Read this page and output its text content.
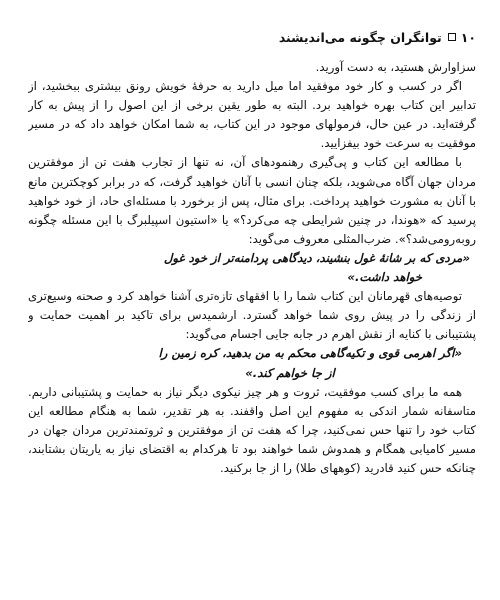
۱۰
توانگران چگونه می‌اندیشند

سزاوارش هستید، به دست آورید.

اگر در کسب و کار خود موفقید اما میل دارید به حرفهٔ خویش رونق بیشتری ببخشید، از تدابیر این کتاب بهره خواهید برد. البته به طور یقین برخی از این اصول را از پیش به کار گرفته‌اید. در عین حال، فرمولهای موجود در این کتاب، به شما امکان خواهد داد که در مسیر موفقیت به سرعت خود بیفزایید.

با مطالعه این کتاب و پی‌گیری رهنمودهای آن، نه تنها از تجارب هفت تن از موفقترین مردان جهان آگاه می‌شوید، بلکه چنان انسی با آنان خواهید گرفت، که در برابر کوچکترین مانع با آنان به مشورت خواهید پرداخت. برای مثال، پس از برخورد با مسئله‌ای حاد، از خود خواهید پرسید که «هوندا، در چنین شرایطی چه می‌کرد؟» یا «استیون اسپیلبرگ با این مسئله چگونه روبه‌رومی‌شد؟». ضرب‌المثلی معروف می‌گوید:

«مردی که بر شانهٔ غول بنشیند، دیدگاهی پردامنه‌تر از خود غول
خواهد داشت.»

توصیه‌های قهرمانان این کتاب شما را با افقهای تازه‌تری آشنا خواهد کرد و صحنه وسیع‌تری از زندگی را در پیش روی شما خواهد گسترد. ارشمیدس برای تاکید بر اهمیت حمایت و پشتیبانی با کنایه از نقش اهرم در جابه جایی اجسام می‌گوید:

«اگر اهرمی قوی و تکیه‌گاهی محکم به من بدهید، کره زمین را
از جا خواهم کند.»

همه ما برای کسب موفقیت، ثروت و هر چیز نیکوی دیگر نیاز به حمایت و پشتیبانی داریم. متاسفانه شمار اندکی به مفهوم این اصل واقفند. به هر تقدیر، شما به هنگام مطالعه این کتاب خود را تنها حس نمی‌کنید، چرا که هفت تن از موفقترین و ثروتمندترین مردان جهان در مسیر کامیابی همگام و همدوش شما خواهند بود تا هرکدام به اقتضای نیاز به یاریتان بشتابند، چنانکه حس کنید قادرید (کوههای طلا) را از جا برکنید.
